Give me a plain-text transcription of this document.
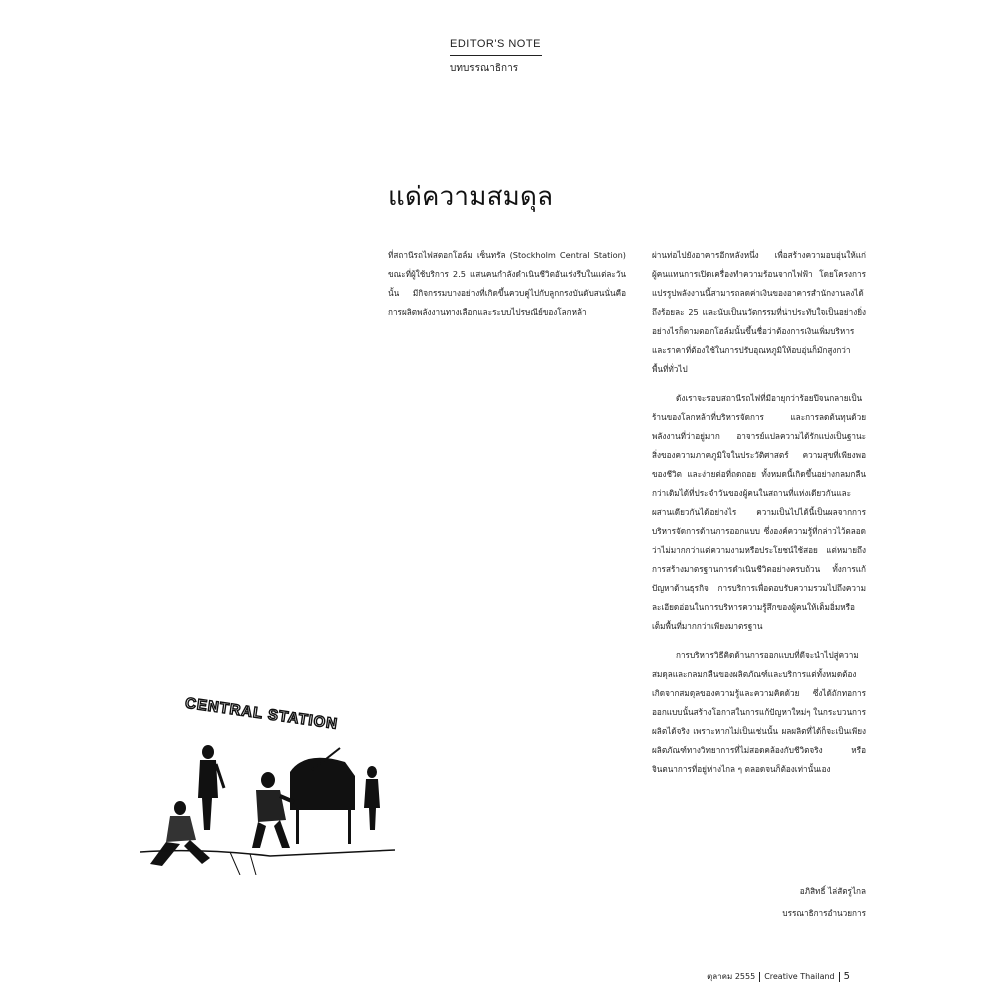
EDITOR'S NOTE
บทบรรณาธิการ
แด่ความสมดุล

ที่สถานีรถไฟสตอกโฮล์ม เซ็นทรัล (Stockholm Central Station) ขณะที่ผู้ใช้บริการ 2.5 แสนคนกำลังดำเนินชีวิตอันเร่งรีบในแต่ละวันนั้น มีกิจกรรมบางอย่างที่เกิดขึ้นควบคู่ไปกับลูกกรงบันดับสนนั่นคือ การผลิตพลังงานทางเลือกและระบบไปรษณีย์ของโลกหล้า

ผ่านท่อไปยังอาคารอีกหลังหนึ่ง เพื่อสร้างความอบอุ่นให้แก่ผู้คนแทนการเปิดเครื่องทำความร้อนจากไฟฟ้า โดยโครงการแปรรูปพลังงานนี้สามารถลดค่าเงินของอาคารสำนักงานลงได้ถึงร้อยละ 25 และนับเป็นนวัตกรรมที่น่าประทับใจเป็นอย่างยิ่งอย่างไรก็ตามตอกโฮล์มนั้นขึ้นชื่อว่าต้องการเงินเพิ่มบริหาร และราคาที่ต้องใช้ในการปรับอุณหภูมิให้อบอุ่นก็มักสูงกว่าพื้นที่ทั่วไป

ดังเราจะรอบสถานีรถไฟที่มีอายุกว่าร้อยปีจนกลายเป็นร้านของโลกหล้าที่บริหารจัดการ และการลดต้นทุนด้วยพลังงานที่ว่าอยู่มาก อาจารย์แปลความได้รักแบ่งเป็นฐานะสิ่งของความภาคภูมิใจในประวัติศาสตร์ ความสุขที่เพียงพอของชีวิต และง่ายต่อที่ถดถอย ทั้งหมดนี้เกิดขึ้นอย่างกลมกลืนกว่าเดิมได้ที่ประจำวันของผู้คนในสถานที่แห่งเดียวกันและผสานเดียวกันได้อย่างไร ความเป็นไปได้นี้เป็นผลจากการบริหารจัดการด้านการออกแบบ ซึ่งองค์ความรู้ที่กล่าวไว้ตลอดว่าไม่มากกว่าแต่ความงามหรือประโยชน์ใช้สอย แต่หมายถึงการสร้างมาตรฐานการดำเนินชีวิตอย่างครบถ้วน ทั้งการแก้ปัญหาด้านธุรกิจ การบริการเพื่อตอบรับความรวมไปถึงความละเอียดอ่อนในการบริหารความรู้สึกของผู้คนให้เต็มอิ่มหรือเต็มพื้นที่มากกว่าเพียงมาตรฐาน

การบริหารวิธีคิดด้านการออกแบบที่ดีจะนำไปสู่ความสมดุลและกลมกลืนของผลิตภัณฑ์และบริการแต่ทั้งหมดต้องเกิดจากสมดุลของความรู้และความคิดด้วย ซึ่งได้ถักทอการออกแบบนั้นสร้างโอกาสในการแก้ปัญหาใหม่ๆ ในกระบวนการผลิตได้จริง เพราะหากไม่เป็นเช่นนั้น ผลผลิตที่ได้ก็จะเป็นเพียงผลิตภัณฑ์ทางวิทยาการที่ไม่สอดคล้องกับชีวิตจริง หรือจินตนาการที่อยู่ห่างไกล ๆ ตลอดจนก็ต้องเท่านั้นเอง

อภิสิทธิ์ ไล่สัตรูไกล
บรรณาธิการอำนวยการ
CENTRAL STATION
ตุลาคม 2555 Creative Thailand 5
